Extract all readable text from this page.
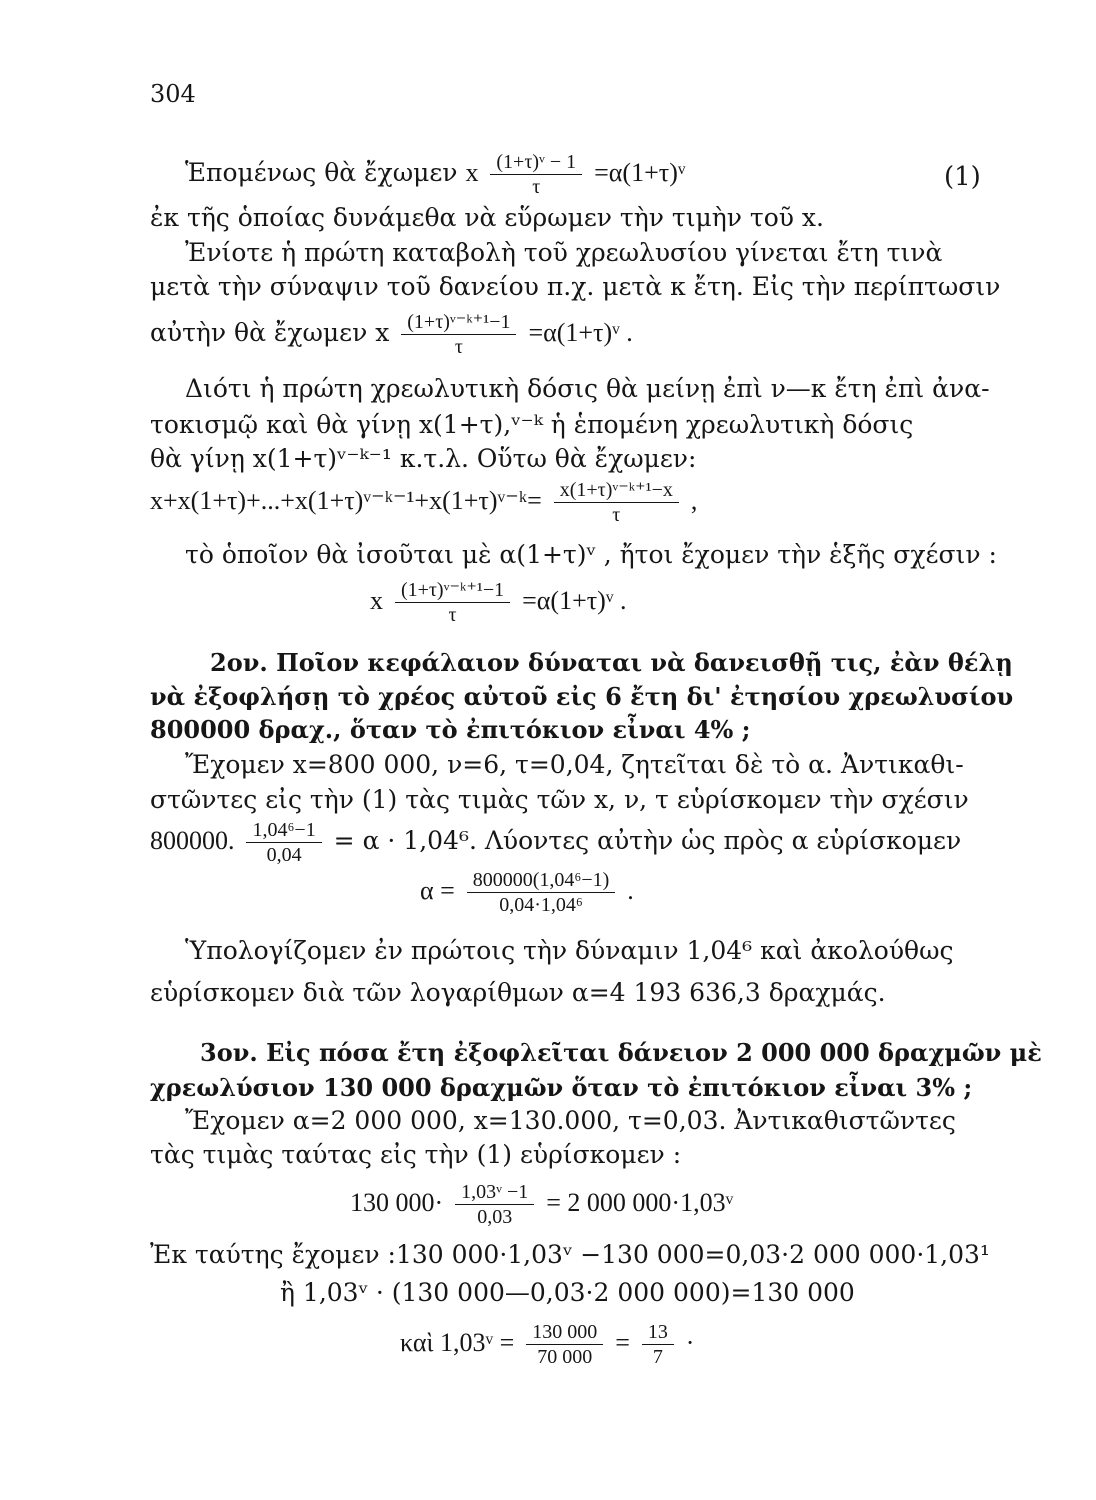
304
Ἑπομένως θὰ ἔχωμεν x $\frac{\text{(1+τ)ᵛ − 1}}{\tau}$ =α(1+τ)ᵛ	(1)
ἐκ τῆς ὁποίας δυνάμεθα νὰ εὕρωμεν τὴν τιμὴν τοῦ x.
Ἐνίοτε ἡ πρώτη καταβολὴ τοῦ χρεωλυσίου γίνεται ἔτη τινὰ
μετὰ τὴν σύναψιν τοῦ δανείου π.χ. μετὰ κ ἔτη. Εἰς τὴν περίπτωσιν
αὐτὴν θὰ ἔχωμεν x $\frac{\text{(1+τ)ᵛ⁻ᵏ⁺¹−1}}{\tau}$ =α(1+τ)ᵛ .
Διότι ἡ πρώτη χρεωλυτικὴ δόσις θὰ μείνῃ ἐπὶ ν—κ ἔτη ἐπὶ ἀνα-
τοκισμῷ καὶ θὰ γίνῃ x(1+τ),ᵛ⁻ᵏ ἡ ἑπομένη χρεωλυτικὴ δόσις
θὰ γίνῃ x(1+τ)ᵛ⁻ᵏ⁻¹ κ.τ.λ. Οὕτω θὰ ἔχωμεν:
x+x(1+τ)+...+x(1+τ)ᵛ⁻ᵏ⁻¹+x(1+τ)ᵛ⁻ᵏ= $\frac{\text{x(1+τ)ᵛ⁻ᵏ⁺¹−x}}{\tau}$ ,
τὸ ὁποῖον θὰ ἰσοῦται μὲ α(1+τ)ᵛ , ἤτοι ἔχομεν τὴν ἑξῆς σχέσιν :
x $\frac{\text{(1+τ)ᵛ⁻ᵏ⁺¹−1}}{\tau}$ =α(1+τ)ᵛ .
2ον. Ποῖον κεφάλαιον δύναται νὰ δανεισθῇ τις, ἐὰν θέλῃ
νὰ ἐξοφλήσῃ τὸ χρέος αὐτοῦ εἰς 6 ἔτη δι' ἐτησίου χρεωλυσίου
800000 δραχ., ὅταν τὸ ἐπιτόκιον εἶναι 4% ;
Ἔχομεν x=800 000, ν=6, τ=0,04, ζητεῖται δὲ τὸ α. Ἀντικαθι-
στῶντες εἰς τὴν (1) τὰς τιμὰς τῶν x, ν, τ εὑρίσκομεν τὴν σχέσιν
800000. $\frac{\text{1,04⁶−1}}{0,04} = \alpha \cdot 1,04^6$. Λύοντες αὐτὴν ὡς πρὸς α εὑρίσκομεν
$\alpha = \frac{\text{800000(1,04⁶−1)}}{\text{0,04·1,04⁶}}$ .
Ὑπολογίζομεν ἐν πρώτοις τὴν δύναμιν 1,04⁶ καὶ ἀκολούθως
εὑρίσκομεν διὰ τῶν λογαρίθμων α=4 193 636,3 δραχμάς.
3ον. Εἰς πόσα ἔτη ἐξοφλεῖται δάνειον 2 000 000 δραχμῶν μὲ
χρεωλύσιον 130 000 δραχμῶν ὅταν τὸ ἐπιτόκιον εἶναι 3% ;
Ἔχομεν α=2 000 000, x=130.000, τ=0,03. Ἀντικαθιστῶντες
τὰς τιμὰς ταύτας εἰς τὴν (1) εὑρίσκομεν :
130 $000\cdot \frac{\text{1,03ᵛ −1}}{0,03} = 2$ 000 000·1,03ᵛ
Ἐκ ταύτης ἔχομεν :130 000·1,03ᵛ −130 000=0,03·2 000 000·1,03¹
ἢ 1,03ᵛ · (130 000—0,03·2 000 000)=130 000
καὶ 1,03ᵛ = $\frac{130 000}{70 000} = \frac{13}{7}$ ·
